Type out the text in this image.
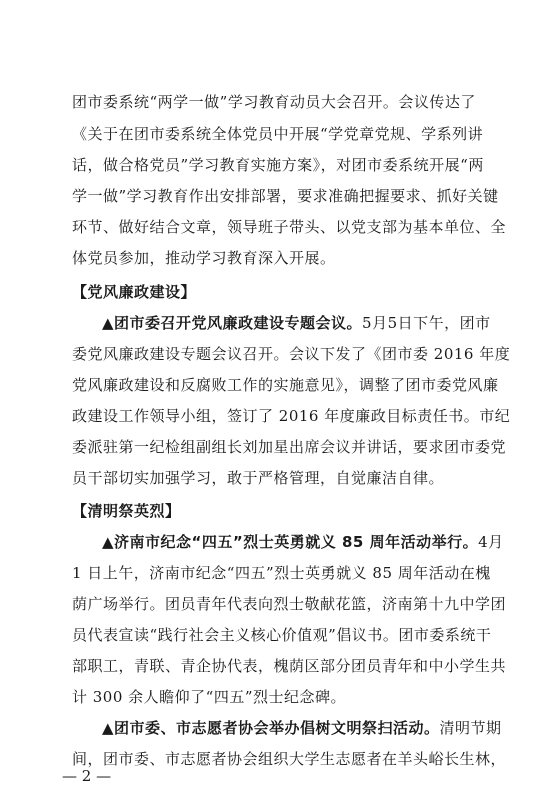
团市委系统“两学一做”学习教育动员大会召开。会议传达了
《关于在团市委系统全体党员中开展“学党章党规、学系列讲
话，做合格党员”学习教育实施方案》，对团市委系统开展“两
学一做”学习教育作出安排部署，要求准确把握要求、抓好关键
环节、做好结合文章，领导班子带头、以党支部为基本单位、全
体党员参加，推动学习教育深入开展。
【党风廉政建设】
▲团市委召开党风廉政建设专题会议。5月5日下午，团市
委党风廉政建设专题会议召开。会议下发了《团市委 2016 年度
党风廉政建设和反腐败工作的实施意见》，调整了团市委党风廉
政建设工作领导小组，签订了 2016 年度廉政目标责任书。市纪
委派驻第一纪检组副组长刘加星出席会议并讲话，要求团市委党
员干部切实加强学习，敢于严格管理，自觉廉洁自律。
【清明祭英烈】
▲济南市纪念“四五”烈士英勇就义 85 周年活动举行。4月
1 日上午，济南市纪念“四五”烈士英勇就义 85 周年活动在槐
荫广场举行。团员青年代表向烈士敬献花篮，济南第十九中学团
员代表宣读“践行社会主义核心价值观”倡议书。团市委系统干
部职工，青联、青企协代表，槐荫区部分团员青年和中小学生共
计 300 余人瞻仰了“四五”烈士纪念碑。
▲团市委、市志愿者协会举办倡树文明祭扫活动。清明节期
间，团市委、市志愿者协会组织大学生志愿者在羊头峪长生林，
— 2 —
